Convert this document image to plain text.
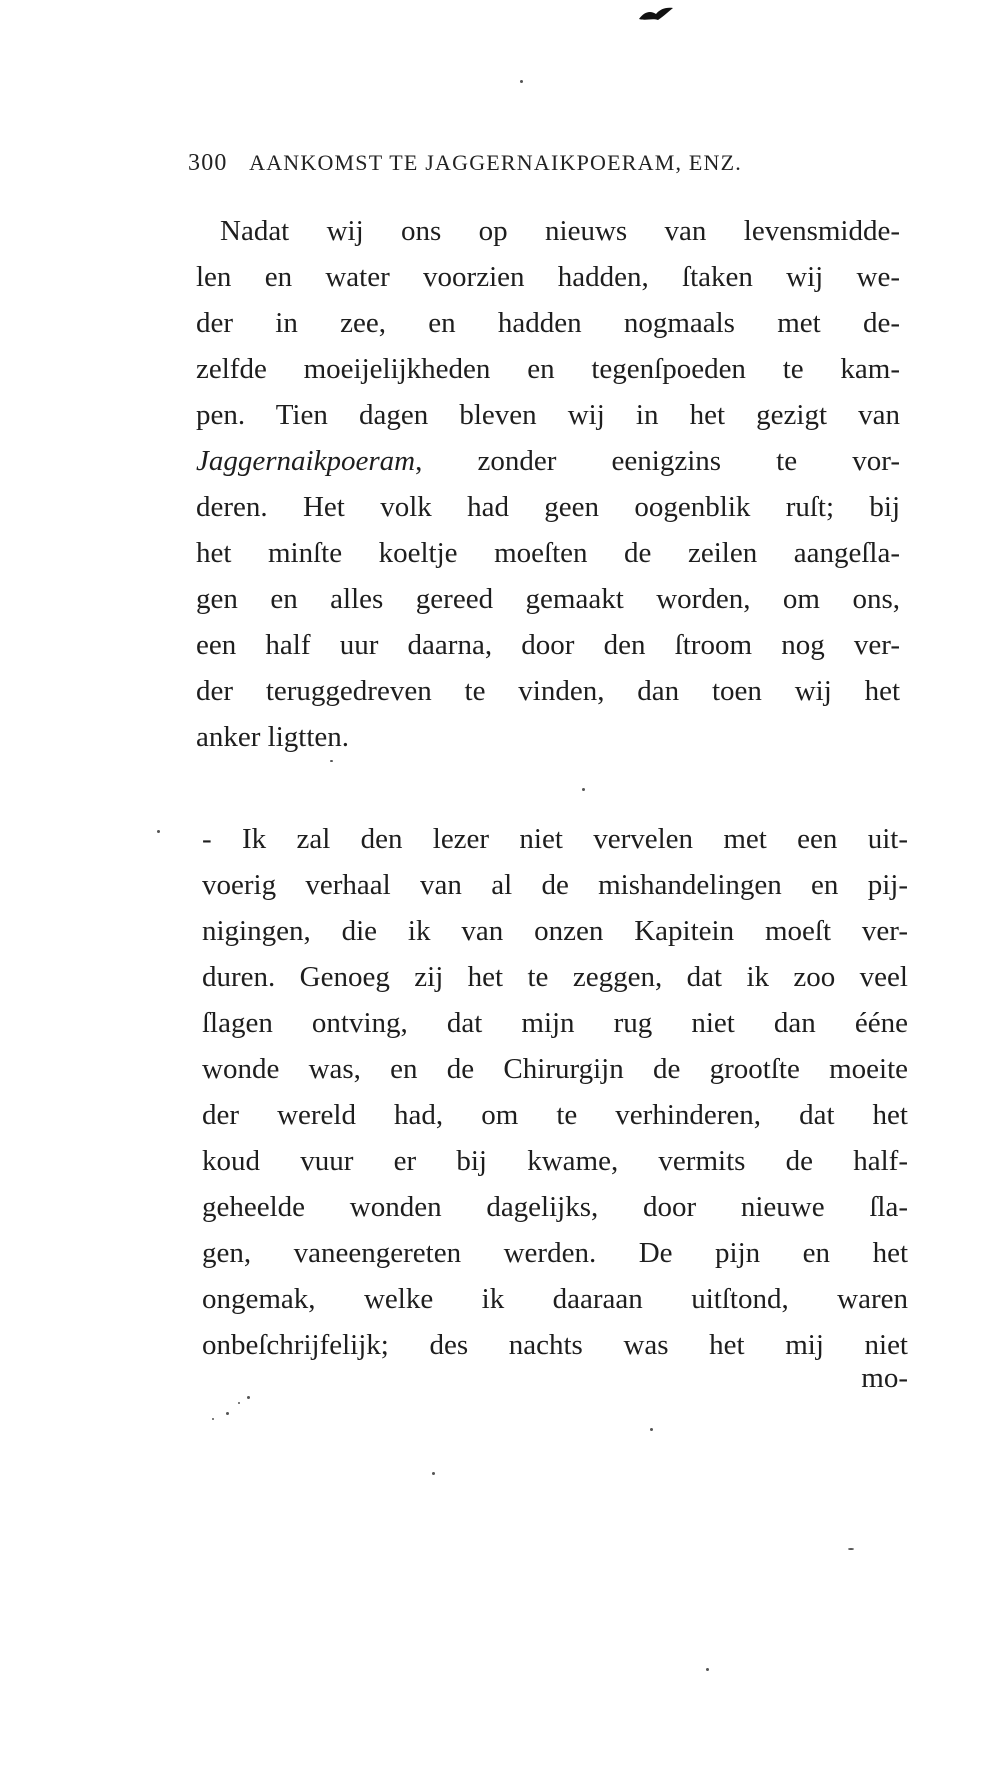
300 AANKOMST TE JAGGERNAIKPOERAM, ENZ.
Nadat wij ons op nieuws van levensmidde-
len en water voorzien hadden, ſtaken wij we-
der in zee, en hadden nogmaals met de-
zelfde moeijelijkheden en tegenſpoeden te kam-
pen. Tien dagen bleven wij in het gezigt van
Jaggernaikpoeram, zonder eenigzins te vor-
deren. Het volk had geen oogenblik ruſt; bij
het minſte koeltje moeſten de zeilen aangeſla-
gen en alles gereed gemaakt worden, om ons,
een half uur daarna, door den ſtroom nog ver-
der teruggedreven te vinden, dan toen wij het
anker ligtten.
- Ik zal den lezer niet vervelen met een uit-
voerig verhaal van al de mishandelingen en pij-
nigingen, die ik van onzen Kapitein moeſt ver-
duren. Genoeg zij het te zeggen, dat ik zoo veel
ſlagen ontving, dat mijn rug niet dan ééne
wonde was, en de Chirurgijn de grootſte moeite
der wereld had, om te verhinderen, dat het
koud vuur er bij kwame, vermits de half-
geheelde wonden dagelijks, door nieuwe ſla-
gen, vaneengereten werden. De pijn en het
ongemak, welke ik daaraan uitſtond, waren
onbeſchrijfelijk; des nachts was het mij niet
mo-
